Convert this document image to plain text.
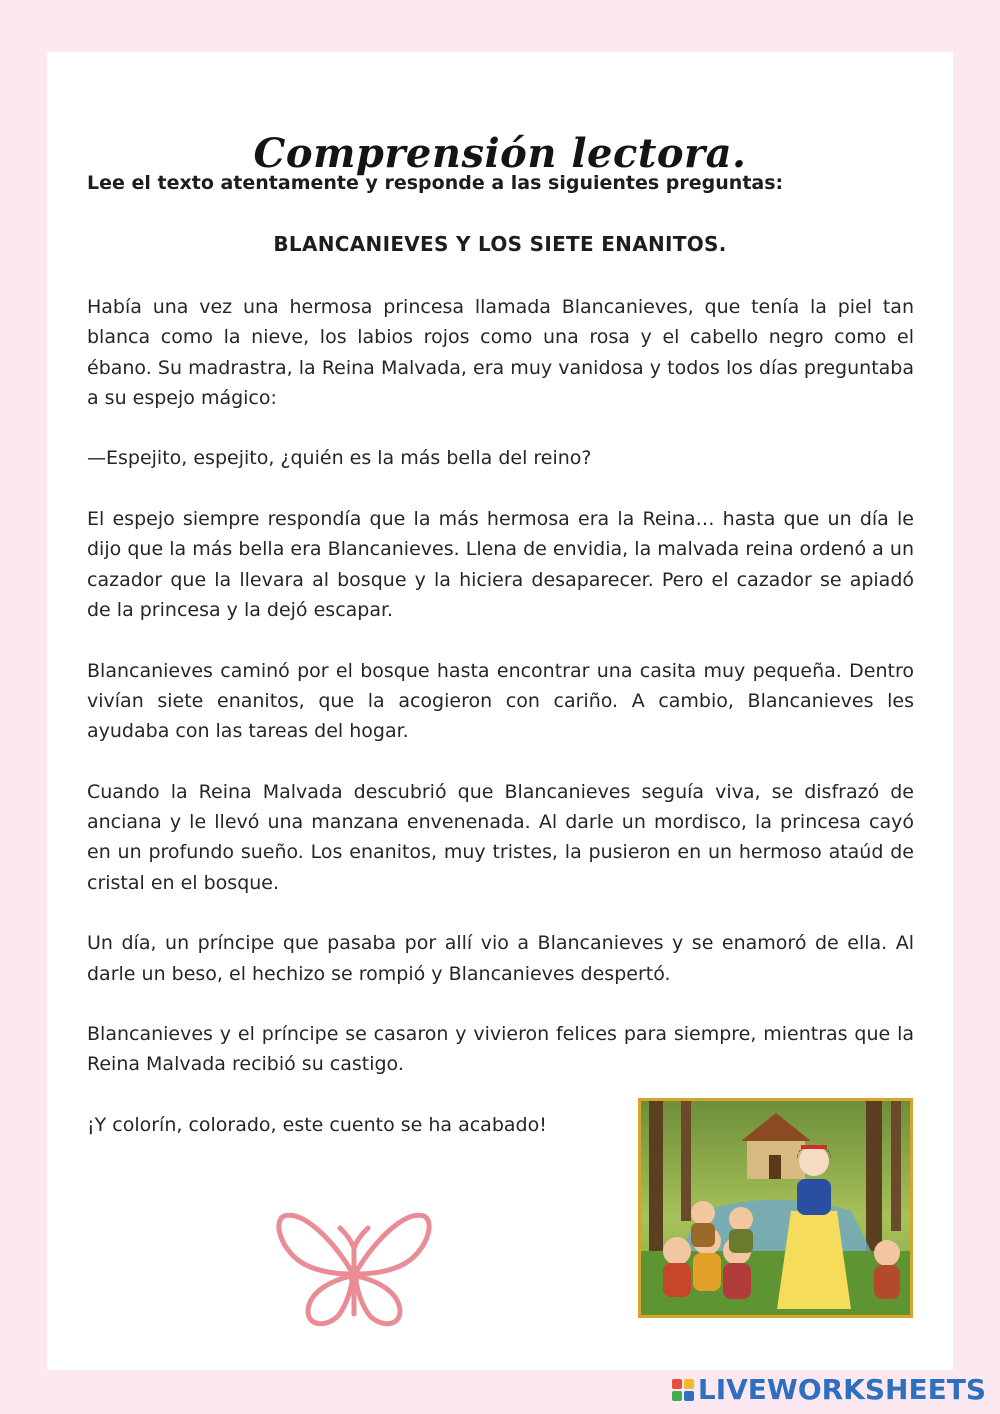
Comprensión lectora.

Lee el texto atentamente y responde a las siguientes preguntas:

BLANCANIEVES Y LOS SIETE ENANITOS.

Había una vez una hermosa princesa llamada Blancanieves, que tenía la piel tan blanca como la nieve, los labios rojos como una rosa y el cabello negro como el ébano. Su madrastra, la Reina Malvada, era muy vanidosa y todos los días preguntaba a su espejo mágico:

—Espejito, espejito, ¿quién es la más bella del reino?

El espejo siempre respondía que la más hermosa era la Reina… hasta que un día le dijo que la más bella era Blancanieves. Llena de envidia, la malvada reina ordenó a un cazador que la llevara al bosque y la hiciera desaparecer. Pero el cazador se apiadó de la princesa y la dejó escapar.

Blancanieves caminó por el bosque hasta encontrar una casita muy pequeña. Dentro vivían siete enanitos, que la acogieron con cariño. A cambio, Blancanieves les ayudaba con las tareas del hogar.

Cuando la Reina Malvada descubrió que Blancanieves seguía viva, se disfrazó de anciana y le llevó una manzana envenenada. Al darle un mordisco, la princesa cayó en un profundo sueño. Los enanitos, muy tristes, la pusieron en un hermoso ataúd de cristal en el bosque.

Un día, un príncipe que pasaba por allí vio a Blancanieves y se enamoró de ella. Al darle un beso, el hechizo se rompió y Blancanieves despertó.

Blancanieves y el príncipe se casaron y vivieron felices para siempre, mientras que la Reina Malvada recibió su castigo.

¡Y colorín, colorado, este cuento se ha acabado!

LIVEWORKSHEETS
